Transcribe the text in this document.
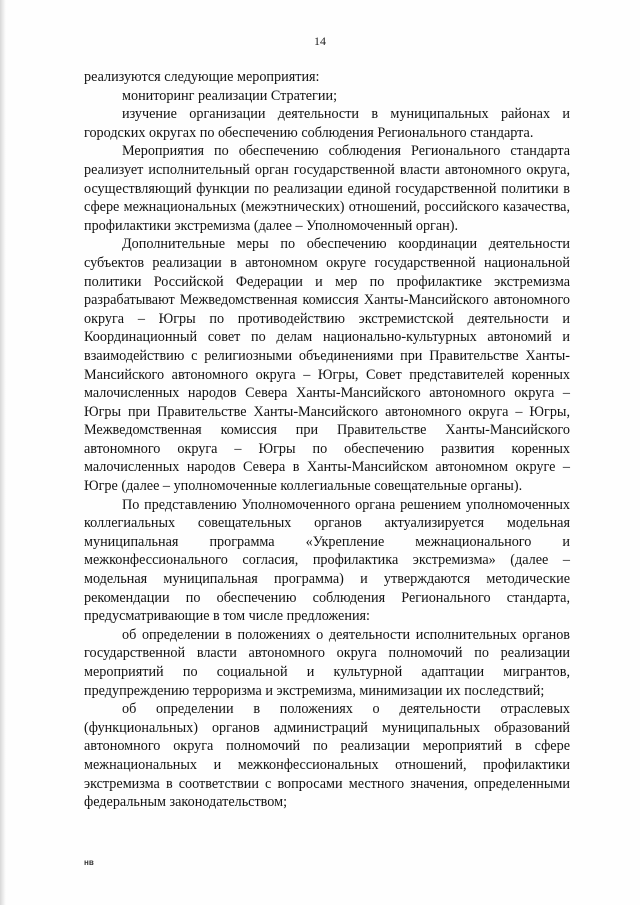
14

реализуются следующие мероприятия:

мониторинг реализации Стратегии;

изучение организации деятельности в муниципальных районах и городских округах по обеспечению соблюдения Регионального стандарта.

Мероприятия по обеспечению соблюдения Регионального стандарта реализует исполнительный орган государственной власти автономного округа, осуществляющий функции по реализации единой государственной политики в сфере межнациональных (межэтнических) отношений, российского казачества, профилактики экстремизма (далее – Уполномоченный орган).

Дополнительные меры по обеспечению координации деятельности субъектов реализации в автономном округе государственной национальной политики Российской Федерации и мер по профилактике экстремизма разрабатывают Межведомственная комиссия Ханты-Мансийского автономного округа – Югры по противодействию экстремистской деятельности и Координационный совет по делам национально-культурных автономий и взаимодействию с религиозными объединениями при Правительстве Ханты-Мансийского автономного округа – Югры, Совет представителей коренных малочисленных народов Севера Ханты-Мансийского автономного округа – Югры при Правительстве Ханты-Мансийского автономного округа – Югры, Межведомственная комиссия при Правительстве Ханты-Мансийского автономного округа – Югры по обеспечению развития коренных малочисленных народов Севера в Ханты-Мансийском автономном округе – Югре (далее – уполномоченные коллегиальные совещательные органы).

По представлению Уполномоченного органа решением уполномоченных коллегиальных совещательных органов актуализируется модельная муниципальная программа «Укрепление межнационального и межконфессионального согласия, профилактика экстремизма» (далее – модельная муниципальная программа) и утверждаются методические рекомендации по обеспечению соблюдения Регионального стандарта, предусматривающие в том числе предложения:

об определении в положениях о деятельности исполнительных органов государственной власти автономного округа полномочий по реализации мероприятий по социальной и культурной адаптации мигрантов, предупреждению терроризма и экстремизма, минимизации их последствий;

об определении в положениях о деятельности отраслевых (функциональных) органов администраций муниципальных образований автономного округа полномочий по реализации мероприятий в сфере межнациональных и межконфессиональных отношений, профилактики экстремизма в соответствии с вопросами местного значения, определенными федеральным законодательством;

нв
